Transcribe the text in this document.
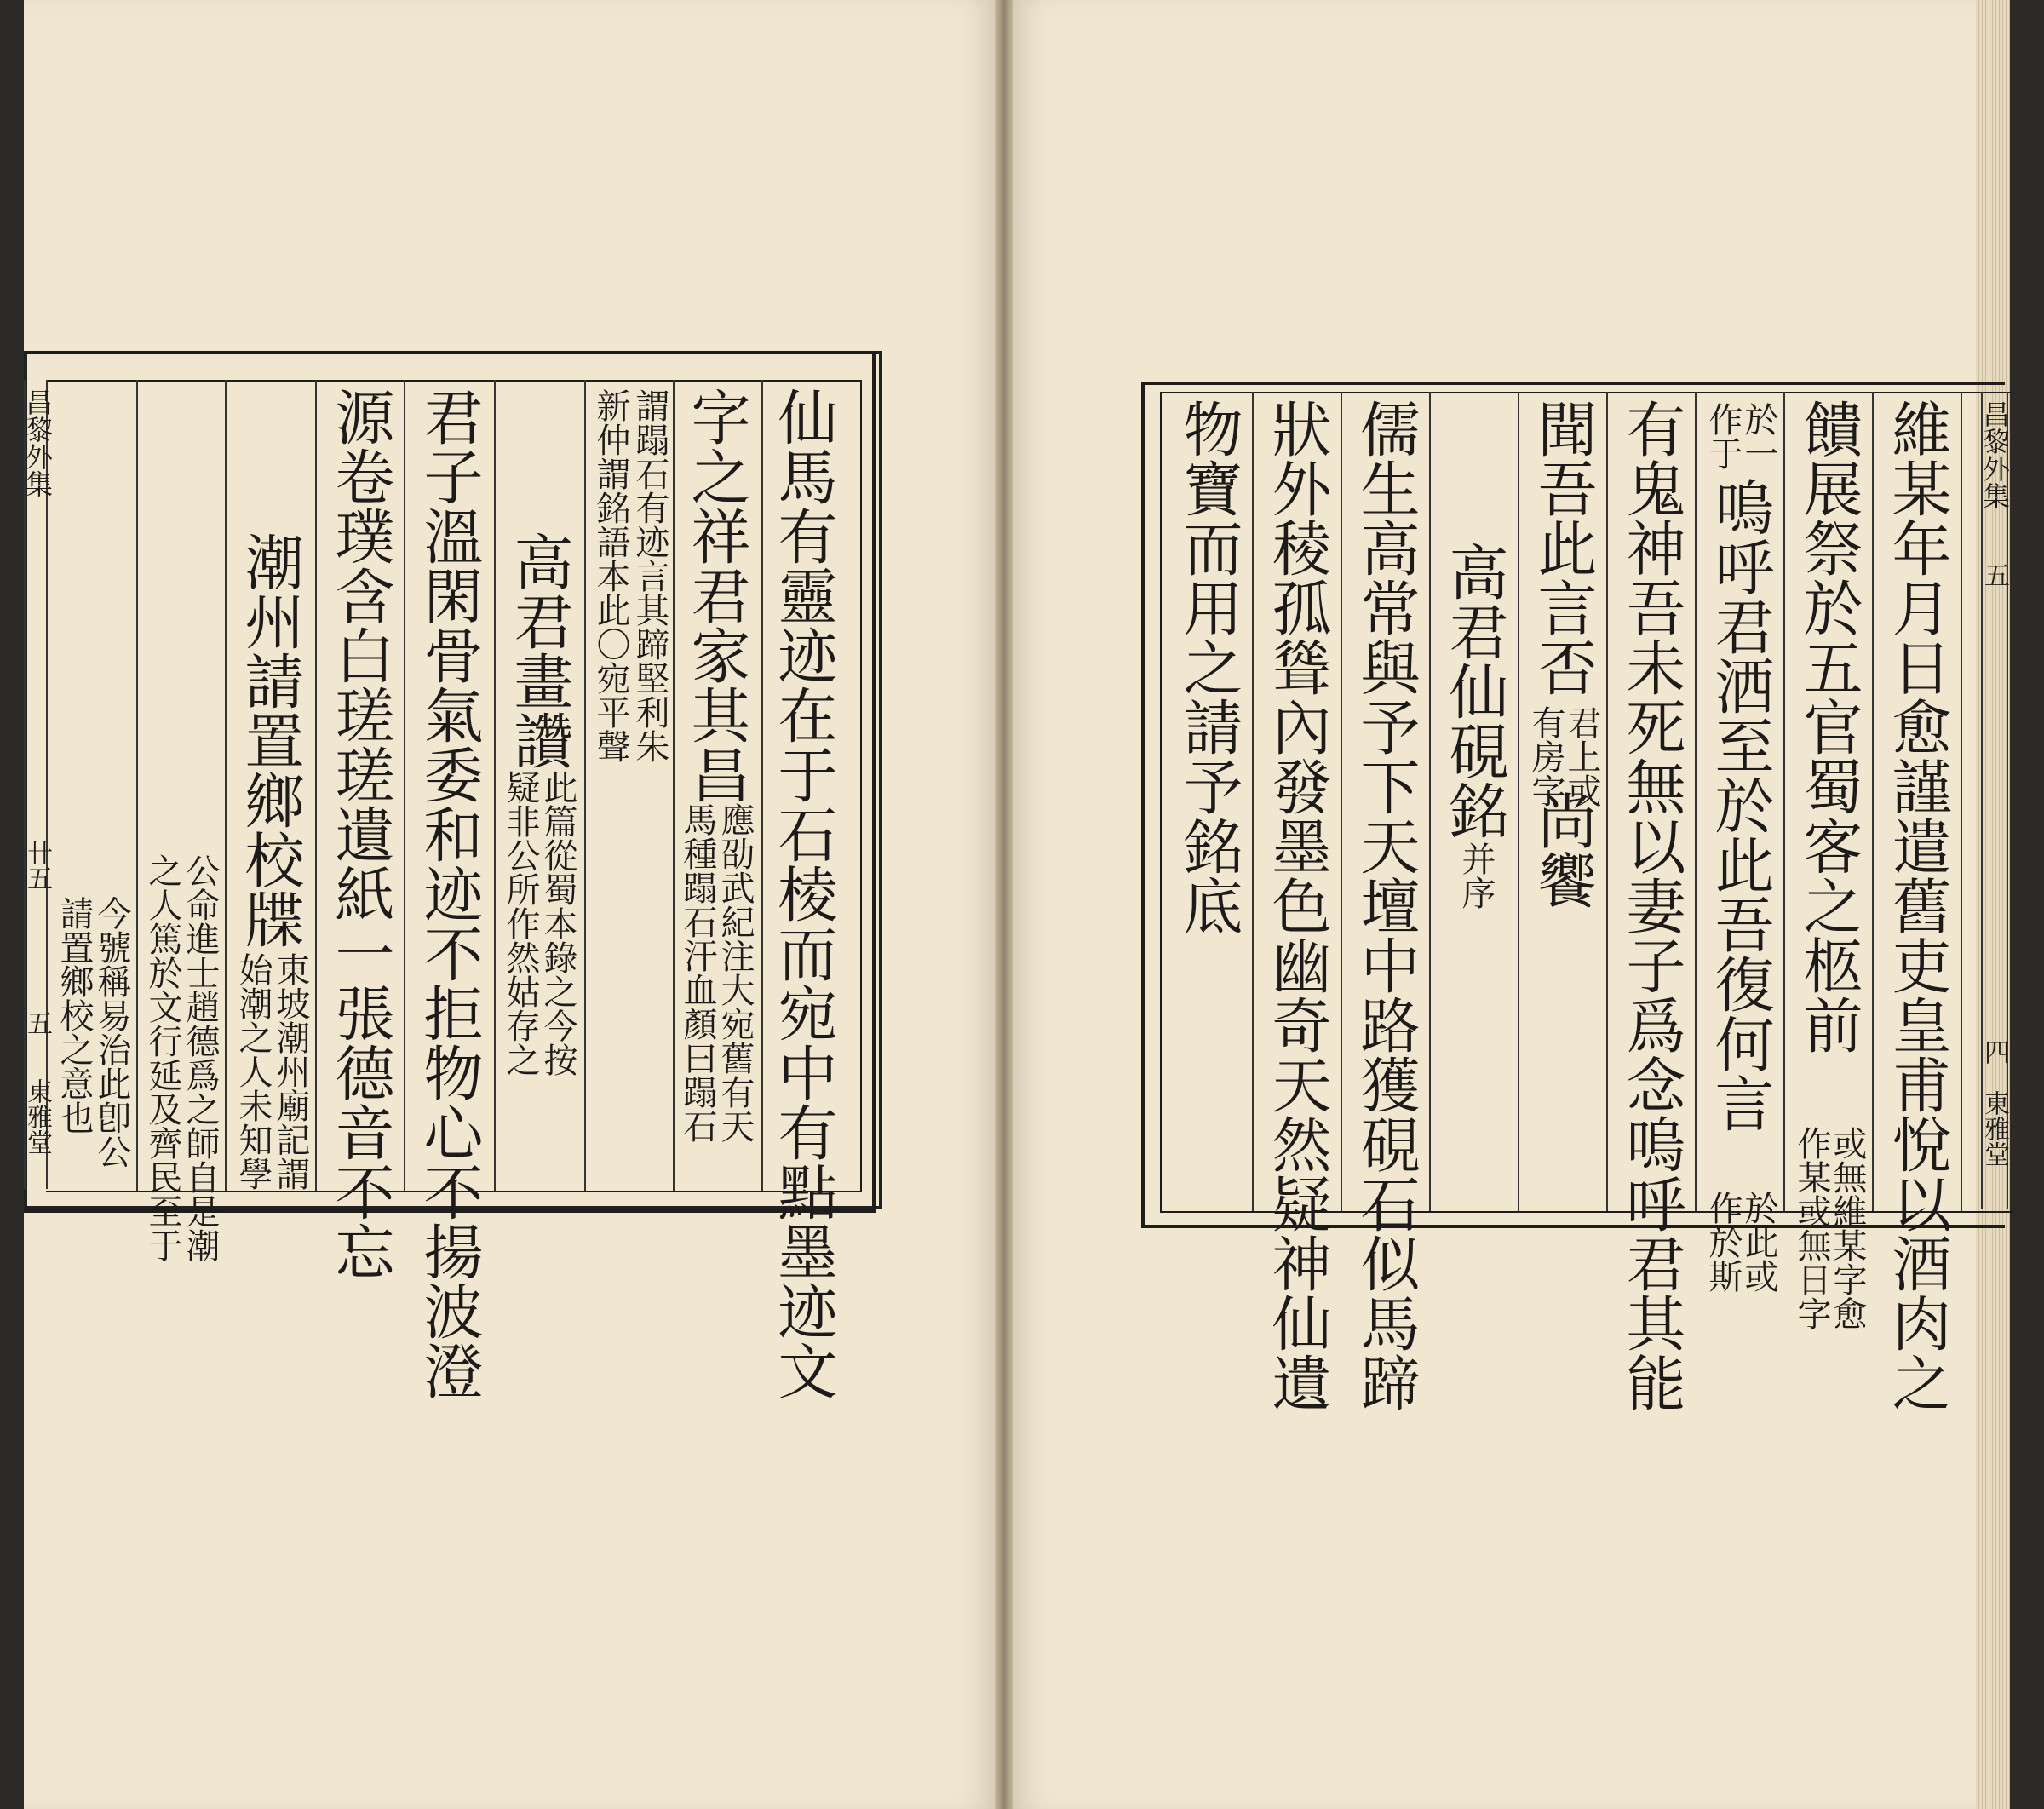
昌黎外集	仙馬有靈迹在于石棱而宛中有點墨迹文
字之祥君家其昌
應劭武紀注大宛舊有天
馬種蹋石汗血顏曰蹋石
謂蹋石有迹言其蹄堅利朱
新仲謂銘語本此〇宛平聲
高君畫讚
此篇從蜀本錄之今按
疑非公所作然姑存之
君子溫閑骨氣委和迹不拒物心不揚波澄
源卷璞含白瑳瑳遺紙一張德音不忘
潮州請置鄉校牒
東坡潮州廟記謂
始潮之人未知學
公命進士趙德爲之師自是潮
之人篤於文行延及齊民至于
今號稱易治此卽公
請置鄉校之意也
卄五
五
東雅堂
昌黎外集
五
四
東雅堂
維某年月日愈謹遣舊吏皇甫悅以酒肉之
饋展祭於五官蜀客之柩前
或無維某字愈
作某或無日字
於一
作于
嗚呼君洒至於此吾復何言
於此或
作於斯
有鬼神吾未死無以妻子爲念嗚呼君其能
聞吾此言否
君上或
有房字
尚饗
高君仙硯銘
并序
儒生高常與予下天壇中路獲硯石似馬蹄
狀外稜孤聳內發墨色幽奇天然疑神仙遺
物寶而用之請予銘底
